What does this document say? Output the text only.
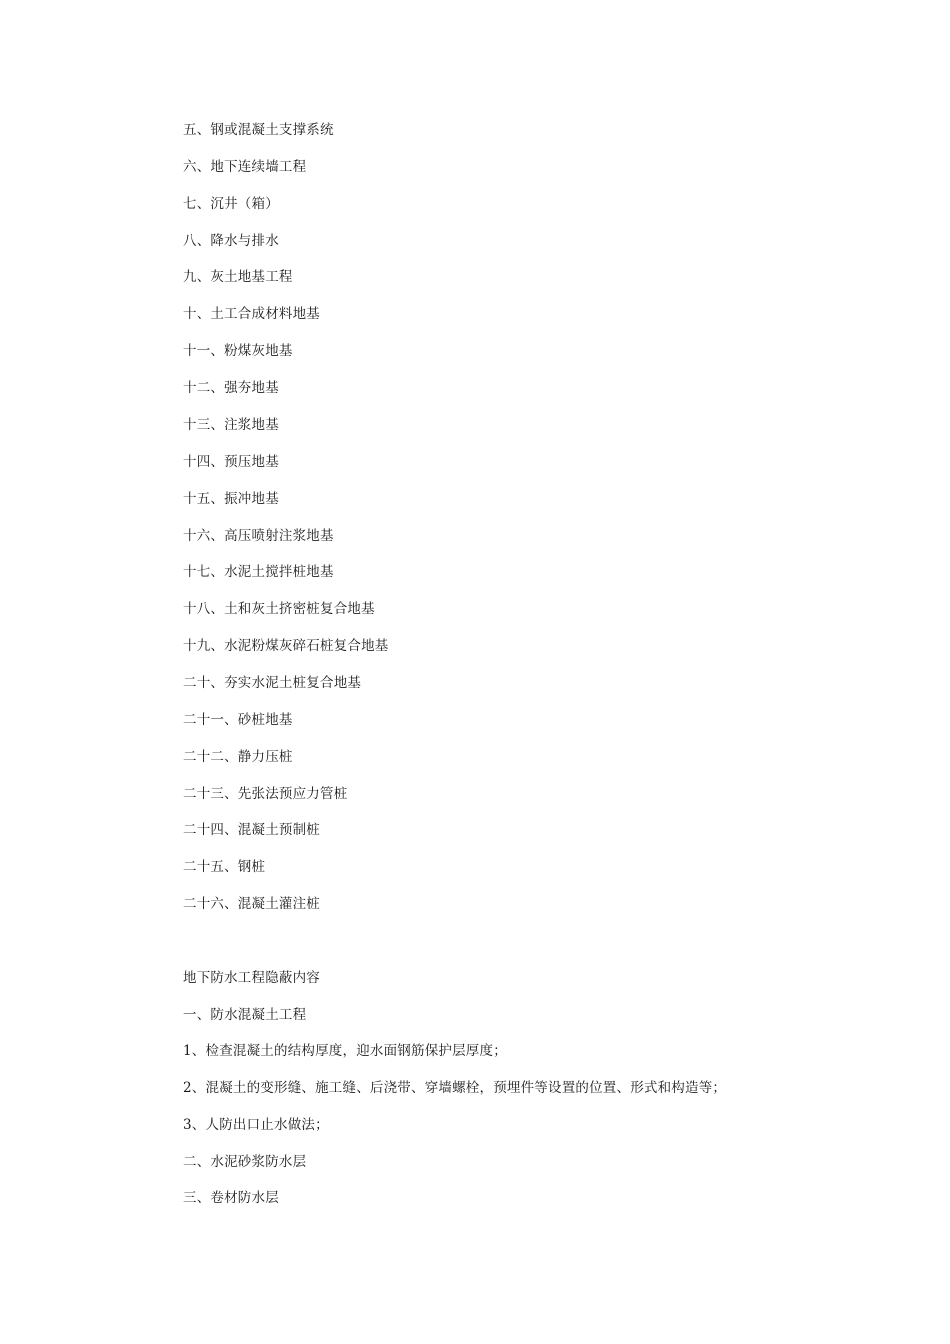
五、钢或混凝土支撑系统
六、地下连续墙工程
七、沉井（箱）
八、降水与排水
九、灰土地基工程
十、土工合成材料地基
十一、粉煤灰地基
十二、强夯地基
十三、注浆地基
十四、预压地基
十五、振冲地基
十六、高压喷射注浆地基
十七、水泥土搅拌桩地基
十八、土和灰土挤密桩复合地基
十九、水泥粉煤灰碎石桩复合地基
二十、夯实水泥土桩复合地基
二十一、砂桩地基
二十二、静力压桩
二十三、先张法预应力管桩
二十四、混凝土预制桩
二十五、钢桩
二十六、混凝土灌注桩
地下防水工程隐蔽内容
一、防水混凝土工程
1、检查混凝土的结构厚度，迎水面钢筋保护层厚度；
2、混凝土的变形缝、施工缝、后浇带、穿墙螺栓，预埋件等设置的位置、形式和构造等；
3、人防出口止水做法；
二、水泥砂浆防水层
三、卷材防水层
